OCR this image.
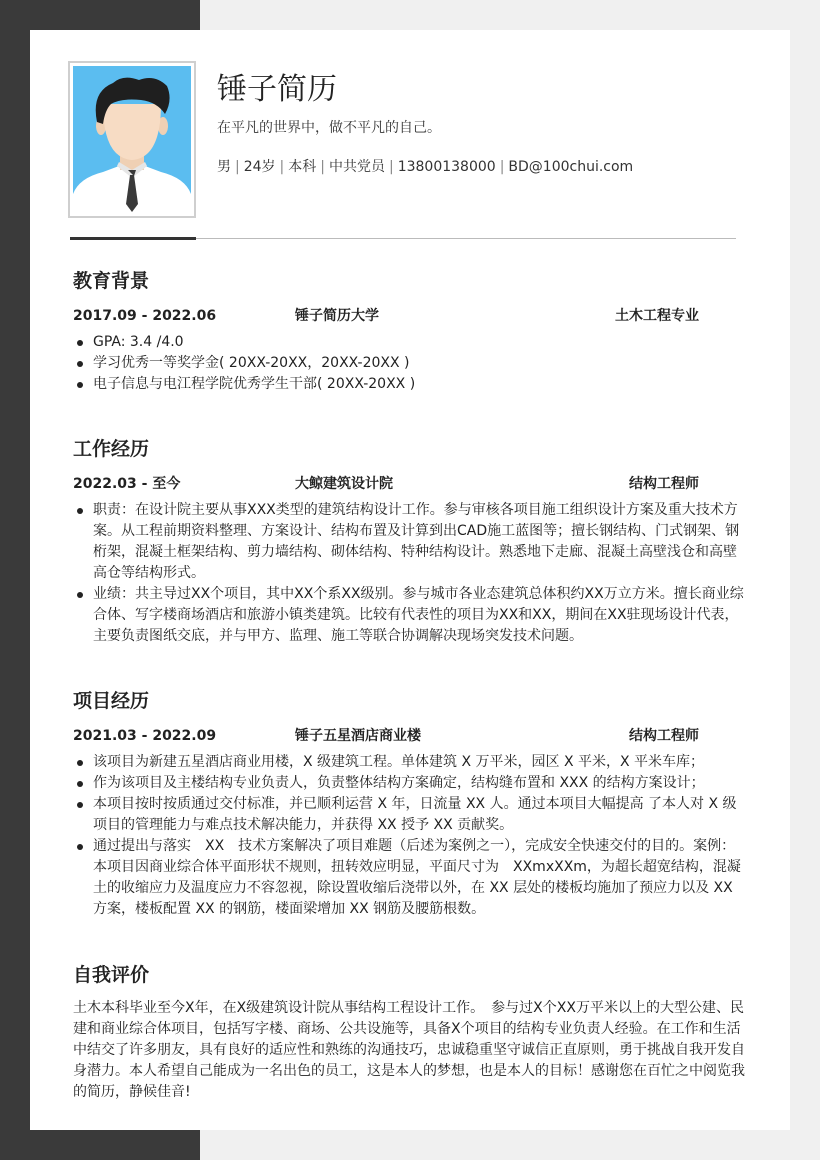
锤子简历
在平凡的世界中，做不平凡的自己。
男 | 24岁 | 本科 | 中共党员 | 13800138000 | BD@100chui.com
教育背景
2017.09 - 2022.06	锤子简历大学	土木工程专业
GPA: 3.4 /4.0
学习优秀一等奖学金( 20XX-20XX，20XX-20XX )
电子信息与电江程学院优秀学生干部( 20XX-20XX )
工作经历
2022.03 - 至今	大鲸建筑设计院	结构工程师
职责：在设计院主要从事XXX类型的建筑结构设计工作。参与审核各项目施工组织设计方案及重大技术方案。从工程前期资料整理、方案设计、结构布置及计算到出CAD施工蓝图等；擅长钢结构、门式钢架、钢桁架，混凝土框架结构、剪力墙结构、砌体结构、特种结构设计。熟悉地下走廊、混凝土高壁浅仓和高壁高仓等结构形式。
业绩：共主导过XX个项目，其中XX个系XX级别。参与城市各业态建筑总体积约XX万立方米。擅长商业综合体、写字楼商场酒店和旅游小镇类建筑。比较有代表性的项目为XX和XX，期间在XX驻现场设计代表，主要负责图纸交底，并与甲方、监理、施工等联合协调解决现场突发技术问题。
项目经历
2021.03 - 2022.09	锤子五星酒店商业楼	结构工程师
该项目为新建五星酒店商业用楼，X 级建筑工程。单体建筑 X 万平米，园区 X 平米，X 平米车库；
作为该项目及主楼结构专业负责人，负责整体结构方案确定，结构缝布置和 XXX 的结构方案设计；
本项目按时按质通过交付标准，并已顺利运营 X 年，日流量 XX 人。通过本项目大幅提高 了本人对 X 级项目的管理能力与难点技术解决能力，并获得 XX 授予 XX 贡献奖。
通过提出与落实　XX　技术方案解决了项目难题（后述为案例之一），完成安全快速交付的目的。案例：本项目因商业综合体平面形状不规则，扭转效应明显，平面尺寸为　XXmxXXm，为超长超宽结构，混凝土的收缩应力及温度应力不容忽视，除设置收缩后浇带以外，在 XX 层处的楼板均施加了预应力以及 XX 方案，楼板配置 XX 的钢筋，楼面梁增加 XX 钢筋及腰筋根数。
自我评价

土木本科毕业至今X年，在X级建筑设计院从事结构工程设计工作。　参与过X个XX万平米以上的大型公建、民建和商业综合体项目，包括写字楼、商场、公共设施等，具备X个项目的结构专业负责人经验。在工作和生活中结交了许多朋友，具有良好的适应性和熟练的沟通技巧，忠诚稳重坚守诚信正直原则，勇于挑战自我开发自身潜力。本人希望自己能成为一名出色的员工，这是本人的梦想，也是本人的目标！感谢您在百忙之中阅览我的简历，静候佳音!
